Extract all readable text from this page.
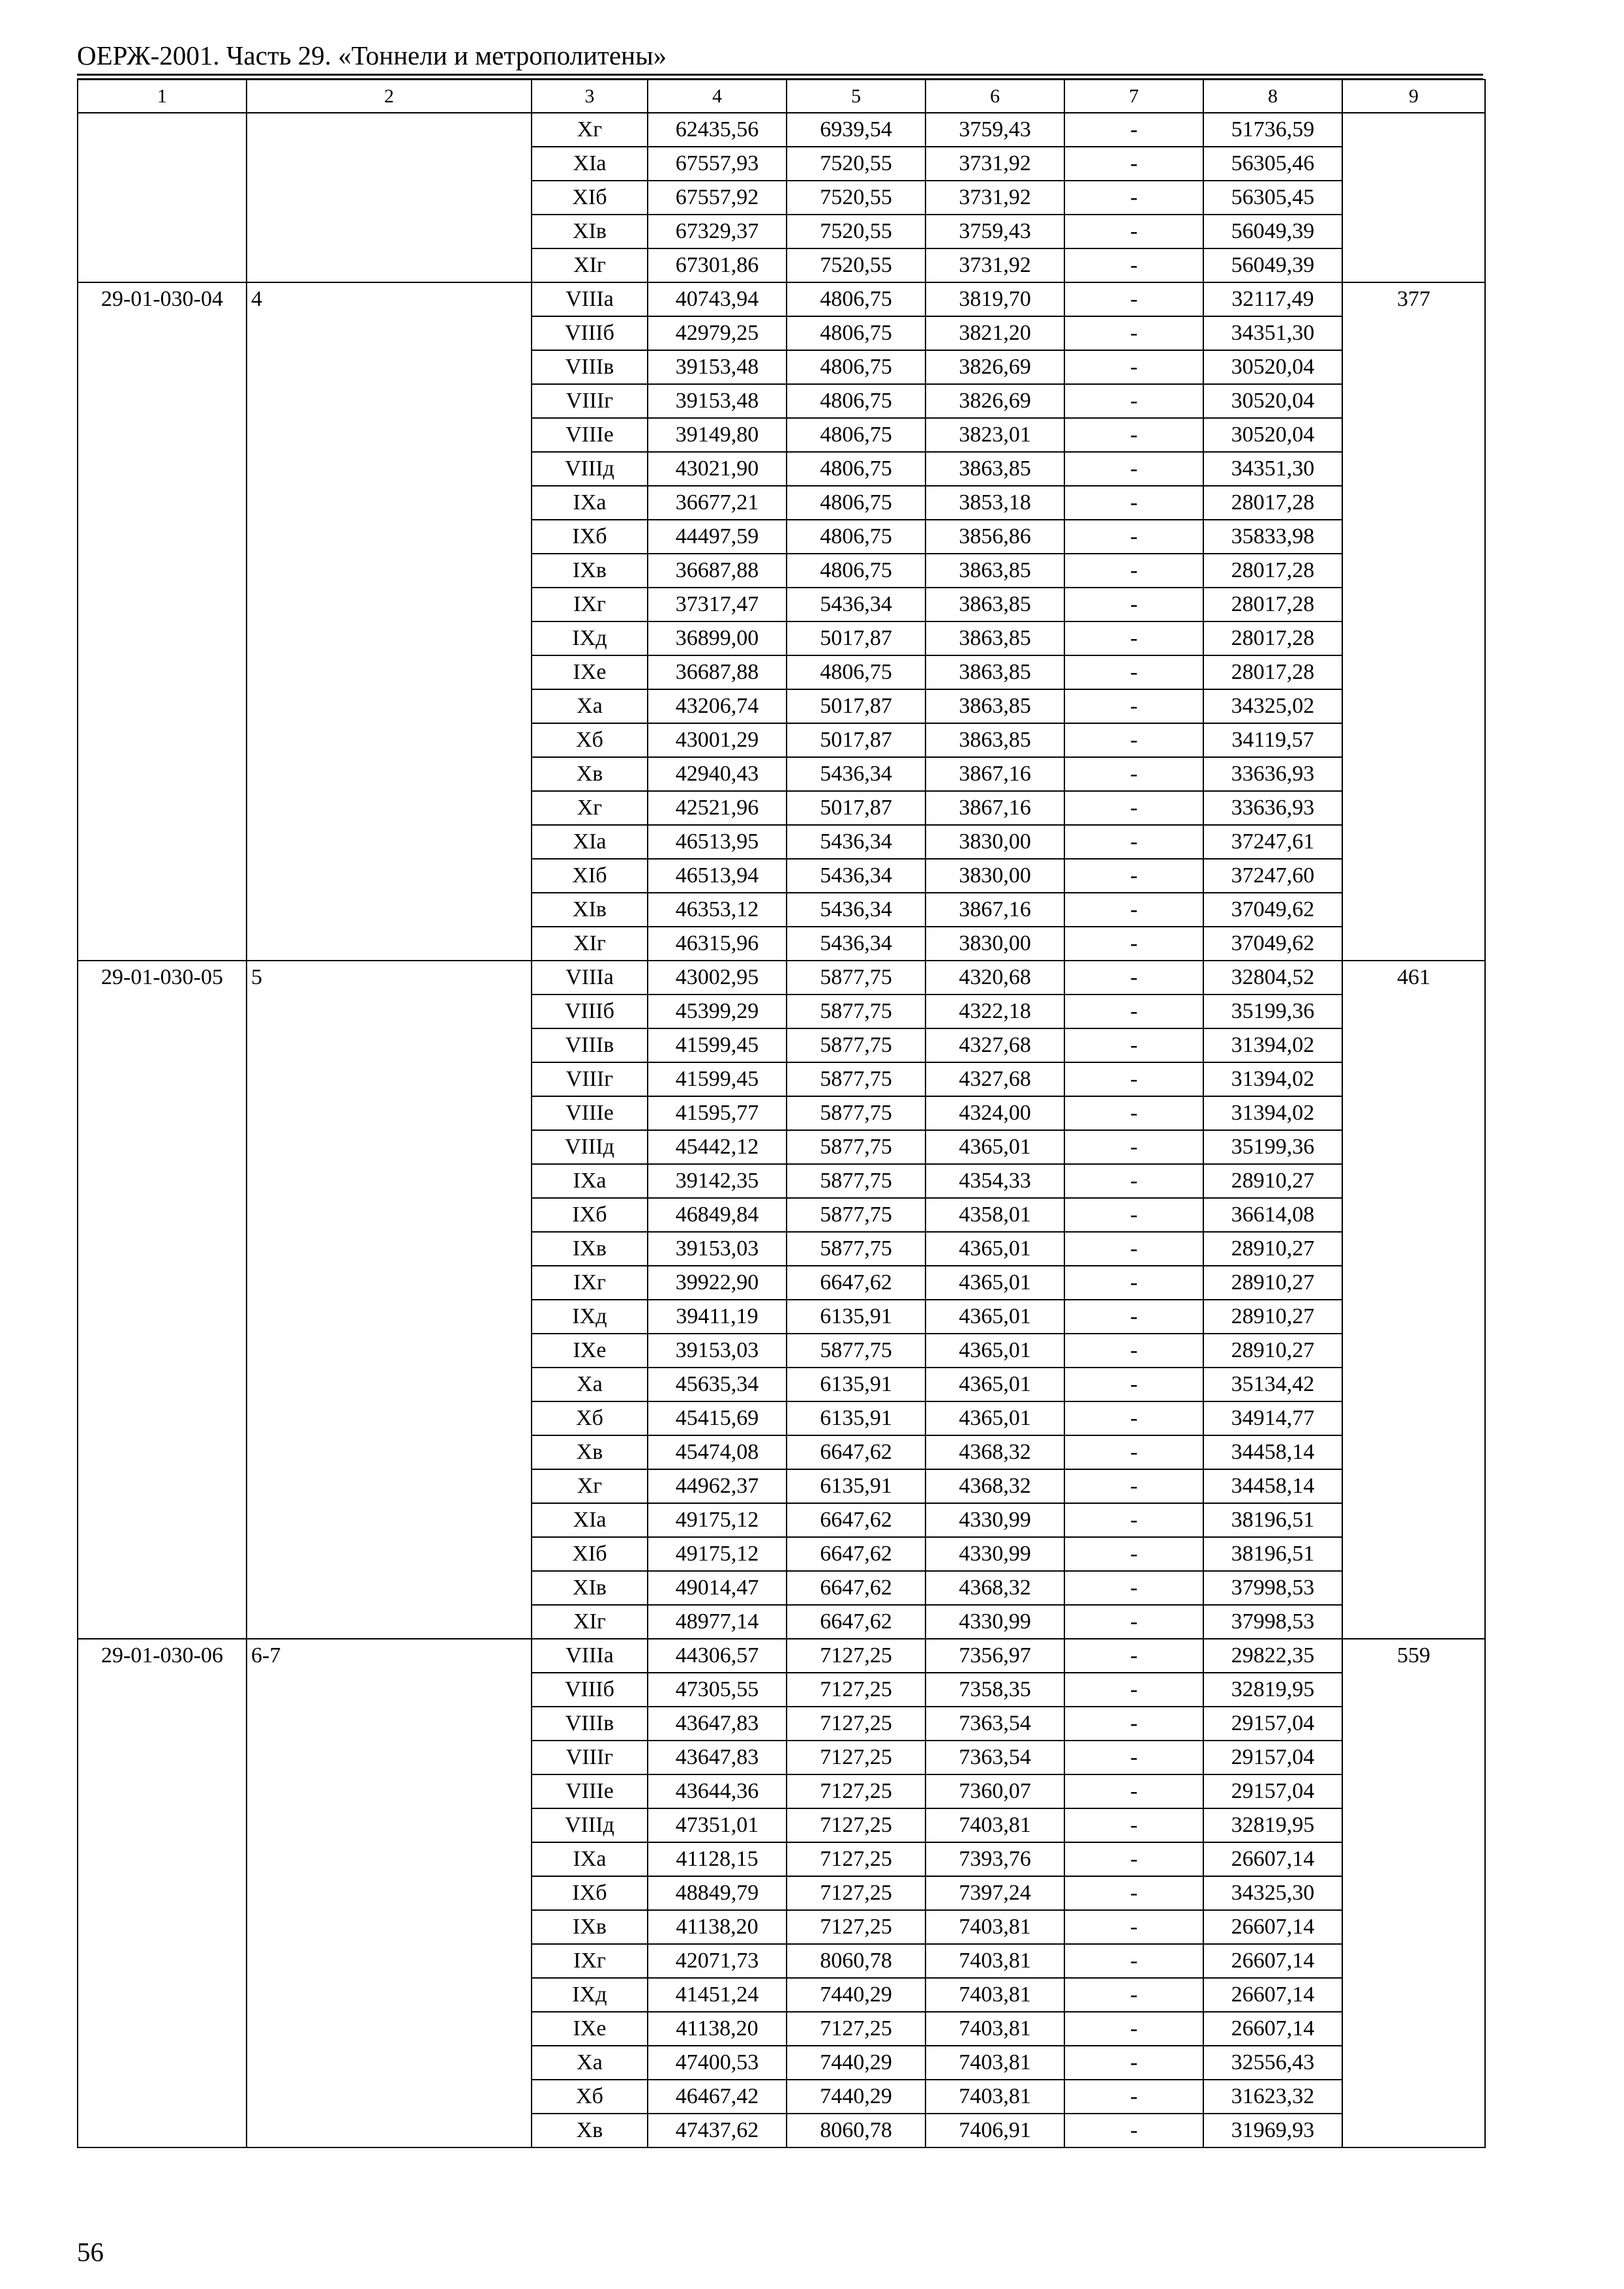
ОЕРЖ-2001. Часть 29. «Тоннели и метрополитены»
1	2	3	4	5	6	7	8	9
		Хг	62435,56	6939,54	3759,43	-	51736,59	
		ХIа	67557,93	7520,55	3731,92	-	56305,46	
		ХIб	67557,92	7520,55	3731,92	-	56305,45	
		ХIв	67329,37	7520,55	3759,43	-	56049,39	
		ХIг	67301,86	7520,55	3731,92	-	56049,39	
29-01-030-04	4	VIIIа	40743,94	4806,75	3819,70	-	32117,49	377
		VIIIб	42979,25	4806,75	3821,20	-	34351,30	
		VIIIв	39153,48	4806,75	3826,69	-	30520,04	
		VIIIг	39153,48	4806,75	3826,69	-	30520,04	
		VIIIе	39149,80	4806,75	3823,01	-	30520,04	
		VIIIд	43021,90	4806,75	3863,85	-	34351,30	
		IХа	36677,21	4806,75	3853,18	-	28017,28	
		IХб	44497,59	4806,75	3856,86	-	35833,98	
		IХв	36687,88	4806,75	3863,85	-	28017,28	
		IХг	37317,47	5436,34	3863,85	-	28017,28	
		IХд	36899,00	5017,87	3863,85	-	28017,28	
		IХе	36687,88	4806,75	3863,85	-	28017,28	
		Ха	43206,74	5017,87	3863,85	-	34325,02	
		Хб	43001,29	5017,87	3863,85	-	34119,57	
		Хв	42940,43	5436,34	3867,16	-	33636,93	
		Хг	42521,96	5017,87	3867,16	-	33636,93	
		ХIа	46513,95	5436,34	3830,00	-	37247,61	
		ХIб	46513,94	5436,34	3830,00	-	37247,60	
		ХIв	46353,12	5436,34	3867,16	-	37049,62	
		ХIг	46315,96	5436,34	3830,00	-	37049,62	
29-01-030-05	5	VIIIа	43002,95	5877,75	4320,68	-	32804,52	461
		VIIIб	45399,29	5877,75	4322,18	-	35199,36	
		VIIIв	41599,45	5877,75	4327,68	-	31394,02	
		VIIIг	41599,45	5877,75	4327,68	-	31394,02	
		VIIIе	41595,77	5877,75	4324,00	-	31394,02	
		VIIIд	45442,12	5877,75	4365,01	-	35199,36	
		IХа	39142,35	5877,75	4354,33	-	28910,27	
		IХб	46849,84	5877,75	4358,01	-	36614,08	
		IХв	39153,03	5877,75	4365,01	-	28910,27	
		IХг	39922,90	6647,62	4365,01	-	28910,27	
		IХд	39411,19	6135,91	4365,01	-	28910,27	
		IХе	39153,03	5877,75	4365,01	-	28910,27	
		Ха	45635,34	6135,91	4365,01	-	35134,42	
		Хб	45415,69	6135,91	4365,01	-	34914,77	
		Хв	45474,08	6647,62	4368,32	-	34458,14	
		Хг	44962,37	6135,91	4368,32	-	34458,14	
		ХIа	49175,12	6647,62	4330,99	-	38196,51	
		ХIб	49175,12	6647,62	4330,99	-	38196,51	
		ХIв	49014,47	6647,62	4368,32	-	37998,53	
		ХIг	48977,14	6647,62	4330,99	-	37998,53	
29-01-030-06	6-7	VIIIа	44306,57	7127,25	7356,97	-	29822,35	559
		VIIIб	47305,55	7127,25	7358,35	-	32819,95	
		VIIIв	43647,83	7127,25	7363,54	-	29157,04	
		VIIIг	43647,83	7127,25	7363,54	-	29157,04	
		VIIIе	43644,36	7127,25	7360,07	-	29157,04	
		VIIIд	47351,01	7127,25	7403,81	-	32819,95	
		IХа	41128,15	7127,25	7393,76	-	26607,14	
		IХб	48849,79	7127,25	7397,24	-	34325,30	
		IХв	41138,20	7127,25	7403,81	-	26607,14	
		IХг	42071,73	8060,78	7403,81	-	26607,14	
		IХд	41451,24	7440,29	7403,81	-	26607,14	
		IХе	41138,20	7127,25	7403,81	-	26607,14	
		Ха	47400,53	7440,29	7403,81	-	32556,43	
		Хб	46467,42	7440,29	7403,81	-	31623,32	
		Хв	47437,62	8060,78	7406,91	-	31969,93	
56
